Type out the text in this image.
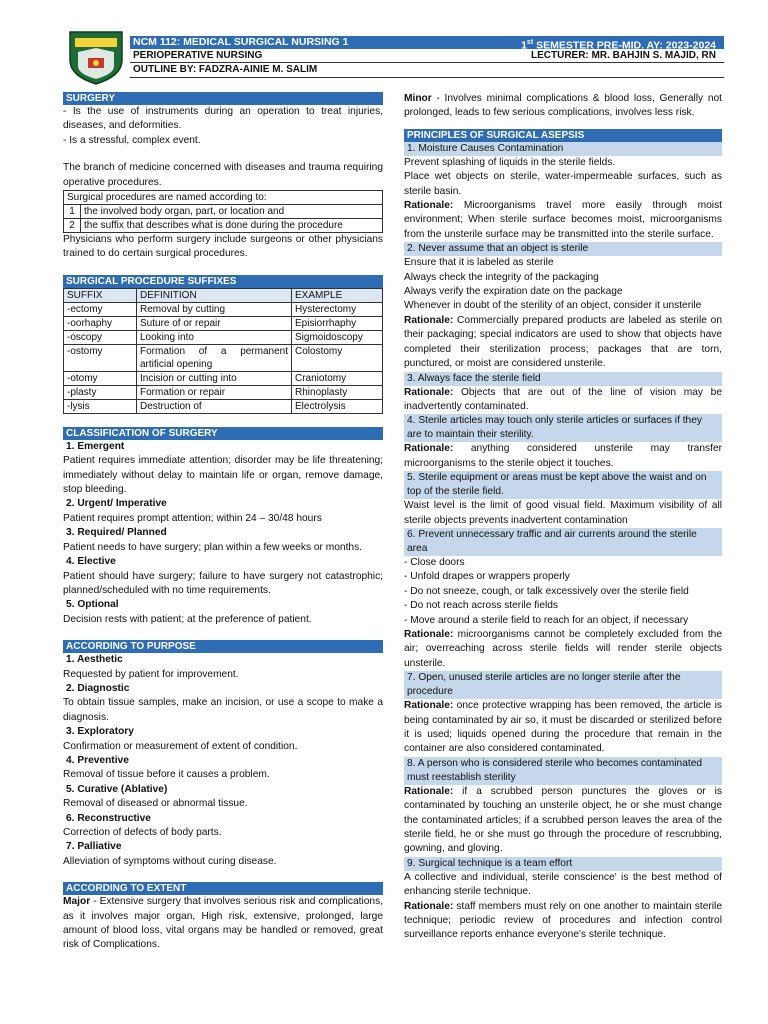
NCM 112: MEDICAL SURGICAL NURSING 1	1st SEMESTER PRE-MID. AY: 2023-2024
PERIOPERATIVE NURSING	LECTURER: MR. BAHJIN S. MAJID, RN
OUTLINE BY: FADZRA-AINIE M. SALIM
SURGERY

- Is the use of instruments during an operation to treat injuries, diseases, and deformities.

- Is a stressful, complex event.

The branch of medicine concerned with diseases and trauma requiring operative procedures.

Surgical procedures are named according to:	
1	the involved body organ, part, or location and
2	the suffix that describes what is done during the procedure

Physicians who perform surgery include surgeons or other physicians trained to do certain surgical procedures.

SURGICAL PROCEDURE SUFFIXES
SUFFIX	DEFINITION	EXAMPLE
-ectomy	Removal by cutting	Hysterectomy
-oorhaphy	Suture of or repair	Episiorrhaphy
-oscopy	Looking into	Sigmoidoscopy
-ostomy	Formation of a permanent artificial opening	Colostomy
-otomy	Incision or cutting into	Craniotomy
-plasty	Formation or repair	Rhinoplasty
-lysis	Destruction of	Electrolysis
CLASSIFICATION OF SURGERY
1. Emergent

Patient requires immediate attention; disorder may be life threatening; immediately without delay to maintain life or organ, remove damage, stop bleeding.

2. Urgent/ Imperative

Patient requires prompt attention; within 24 – 30/48 hours

3. Required/ Planned

Patient needs to have surgery; plan within a few weeks or months.

4. Elective

Patient should have surgery; failure to have surgery not catastrophic; planned/scheduled with no time requirements.

5. Optional

Decision rests with patient; at the preference of patient.

ACCORDING TO PURPOSE
1. Aesthetic

Requested by patient for improvement.

2. Diagnostic

To obtain tissue samples, make an incision, or use a scope to make a diagnosis.

3. Exploratory

Confirmation or measurement of extent of condition.

4. Preventive

Removal of tissue before it causes a problem.

5. Curative (Ablative)

Removal of diseased or abnormal tissue.

6. Reconstructive

Correction of defects of body parts.

7. Palliative

Alleviation of symptoms without curing disease.

ACCORDING TO EXTENT

Major - Extensive surgery that involves serious risk and complications, as it involves major organ, High risk, extensive, prolonged, large amount of blood loss, vital organs may be handled or removed, great risk of Complications.

Minor - Involves minimal complications & blood loss, Generally not prolonged, leads to few serious complications, involves less risk.

PRINCIPLES OF SURGICAL ASEPSIS
1. Moisture Causes Contamination

Prevent splashing of liquids in the sterile fields.

Place wet objects on sterile, water-impermeable surfaces, such as sterile basin.

Rationale: Microorganisms travel more easily through moist environment; When sterile surface becomes moist, microorganisms from the unsterile surface may be transmitted into the sterile surface.

2. Never assume that an object is sterile

Ensure that it is labeled as sterile

Always check the integrity of the packaging

Always verify the expiration date on the package

Whenever in doubt of the sterility of an object, consider it unsterile

Rationale: Commercially prepared products are labeled as sterile on their packaging; special indicators are used to show that objects have completed their sterilization process; packages that are torn, punctured, or moist are considered unsterile.

3. Always face the sterile field

Rationale: Objects that are out of the line of vision may be inadvertently contaminated.

4. Sterile articles may touch only sterile articles or surfaces if they are to maintain their sterility.

Rationale: anything considered unsterile may transfer microorganisms to the sterile object it touches.

5. Sterile equipment or areas must be kept above the waist and on top of the sterile field.

Waist level is the limit of good visual field. Maximum visibility of all sterile objects prevents inadvertent contamination

6. Prevent unnecessary traffic and air currents around the sterile area

- Close doors

- Unfold drapes or wrappers properly

- Do not sneeze, cough, or talk excessively over the sterile field

- Do not reach across sterile fields

- Move around a sterile field to reach for an object, if necessary

Rationale: microorganisms cannot be completely excluded from the air; overreaching across sterile fields will render sterile objects unsterile.

7. Open, unused sterile articles are no longer sterile after the procedure

Rationale: once protective wrapping has been removed, the article is being contaminated by air so, it must be discarded or sterilized before it is used; liquids opened during the procedure that remain in the container are also considered contaminated.

8. A person who is considered sterile who becomes contaminated must reestablish sterility

Rationale: if a scrubbed person punctures the gloves or is contaminated by touching an unsterile object, he or she must change the contaminated articles; if a scrubbed person leaves the area of the sterile field, he or she must go through the procedure of rescrubbing, gowning, and gloving.

9. Surgical technique is a team effort

A collective and individual, sterile conscience' is the best method of enhancing sterile technique.

Rationale: staff members must rely on one another to maintain sterile technique; periodic review of procedures and infection control surveillance reports enhance everyone's sterile technique.
